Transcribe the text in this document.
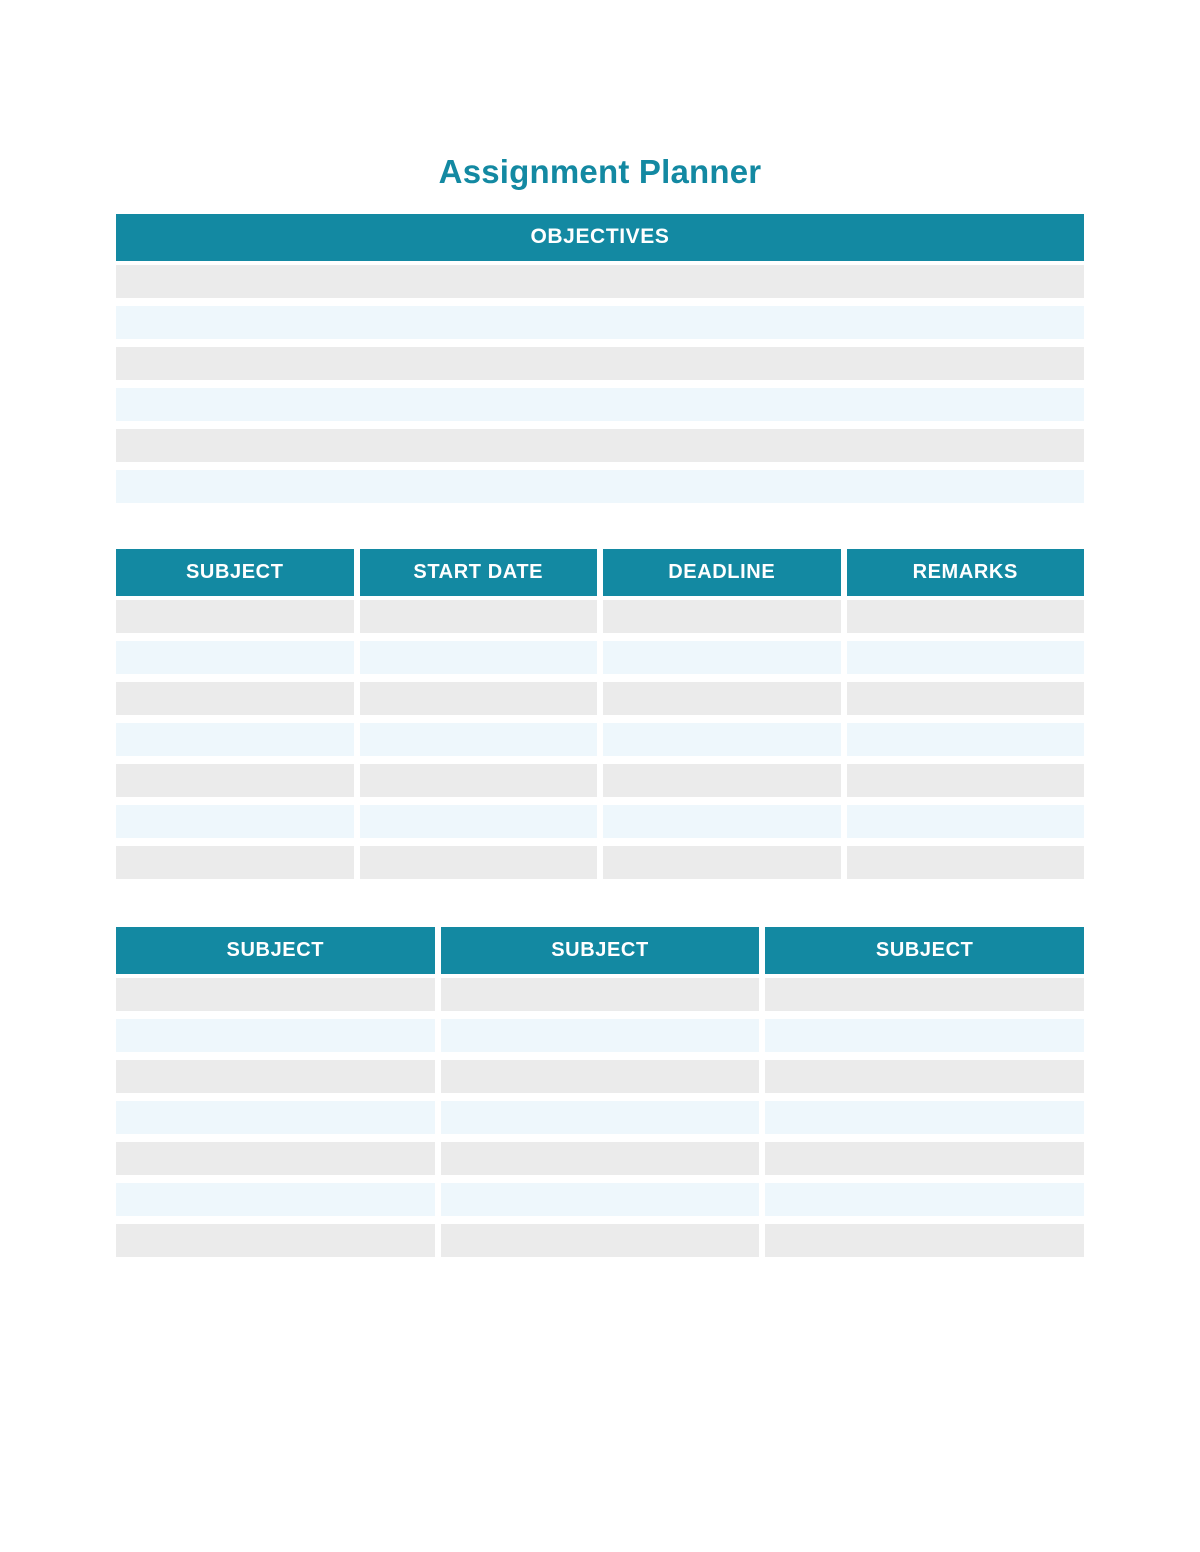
Assignment Planner
OBJECTIVES
SUBJECT	START DATE	DEADLINE	REMARKS
SUBJECT	SUBJECT	SUBJECT
